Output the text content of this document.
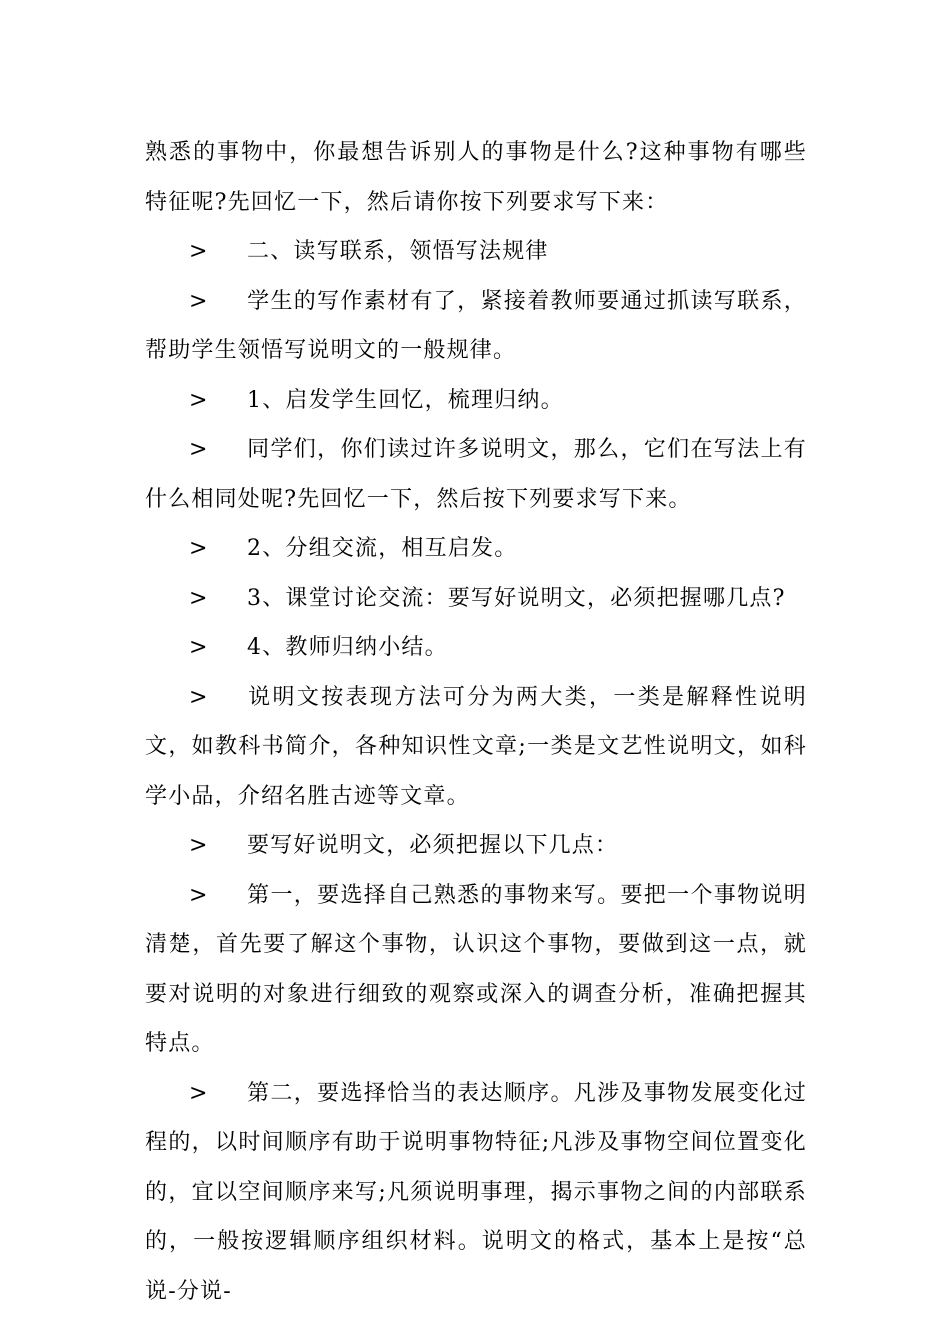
熟悉的事物中，你最想告诉别人的事物是什么?这种事物有哪些特征呢?先回忆一下，然后请你按下列要求写下来：

> 二、读写联系，领悟写法规律

> 学生的写作素材有了，紧接着教师要通过抓读写联系，帮助学生领悟写说明文的一般规律。

> 1、启发学生回忆，梳理归纳。

> 同学们，你们读过许多说明文，那么，它们在写法上有什么相同处呢?先回忆一下，然后按下列要求写下来。

> 2、分组交流，相互启发。

> 3、课堂讨论交流：要写好说明文，必须把握哪几点?

> 4、教师归纳小结。

> 说明文按表现方法可分为两大类，一类是解释性说明文，如教科书简介，各种知识性文章;一类是文艺性说明文，如科学小品，介绍名胜古迹等文章。

> 要写好说明文，必须把握以下几点：

> 第一，要选择自己熟悉的事物来写。要把一个事物说明清楚，首先要了解这个事物，认识这个事物，要做到这一点，就要对说明的对象进行细致的观察或深入的调查分析，准确把握其特点。

> 第二，要选择恰当的表达顺序。凡涉及事物发展变化过程的，以时间顺序有助于说明事物特征;凡涉及事物空间位置变化的，宜以空间顺序来写;凡须说明事理，揭示事物之间的内部联系的，一般按逻辑顺序组织材料。说明文的格式，基本上是按“总说-分说-
